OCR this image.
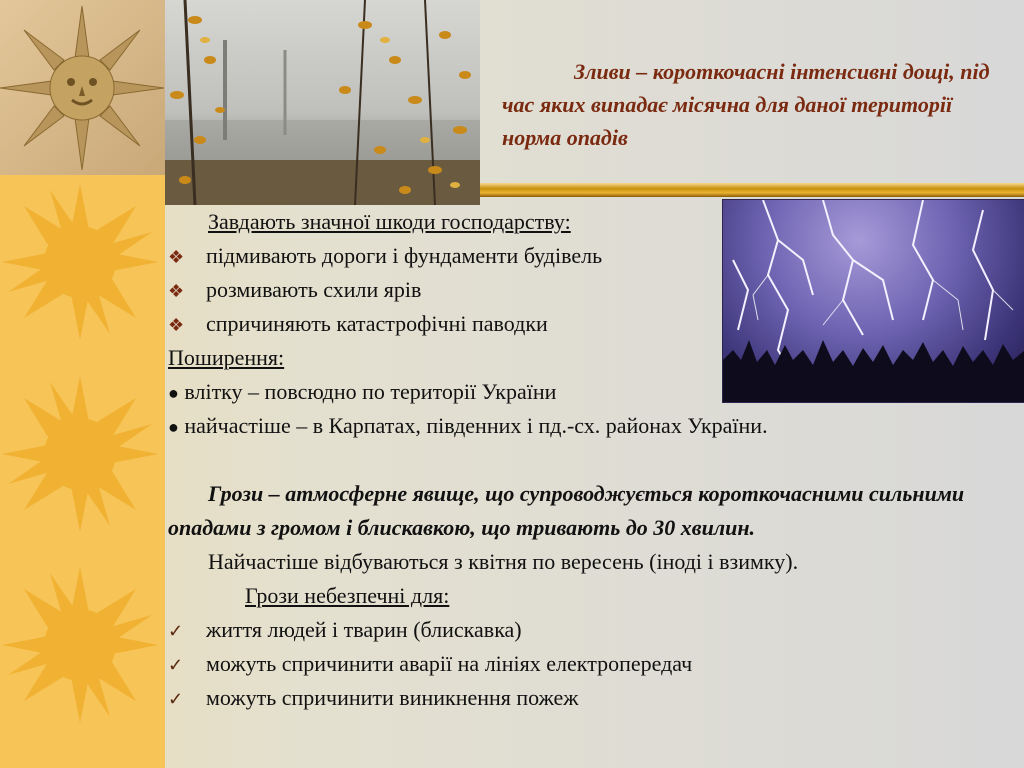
Зливи – короткочасні інтенсивні дощі, під час яких випадає місячна для даної території норма опадів
Завдають значної шкоди господарству:
❖ підмивають дороги і фундаменти будівель
❖ розмивають схили ярів
❖ спричиняють катастрофічні паводки
Поширення:
● влітку – повсюдно по території України
● найчастіше – в Карпатах, південних і пд.-сх. районах України.
Грози – атмосферне явище, що супроводжується короткочасними сильними опадами з громом і блискавкою, що тривають до 30 хвилин.
Найчастіше відбуваються з квітня по вересень (іноді і взимку).
Грози небезпечні для:
✓ життя людей і тварин (блискавка)
✓ можуть спричинити аварії на лініях електропередач
✓ можуть спричинити виникнення пожеж
